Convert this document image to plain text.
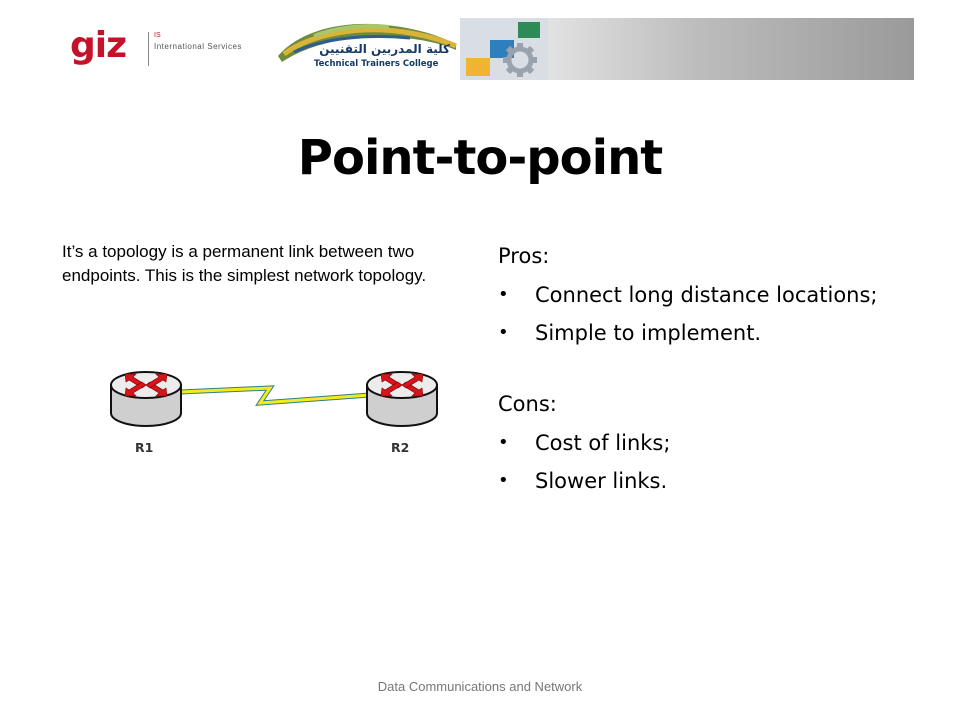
giz	IS
International Services	كلية المدربين التقنيين
Technical Trainers College
Point-to-point
It’s a topology is a permanent link between two endpoints. This is the simplest network topology.
R1	R2
Pros:
• Connect long distance locations;
• Simple to implement.
Cons:
• Cost of links;
• Slower links.
Data Communications and Network
